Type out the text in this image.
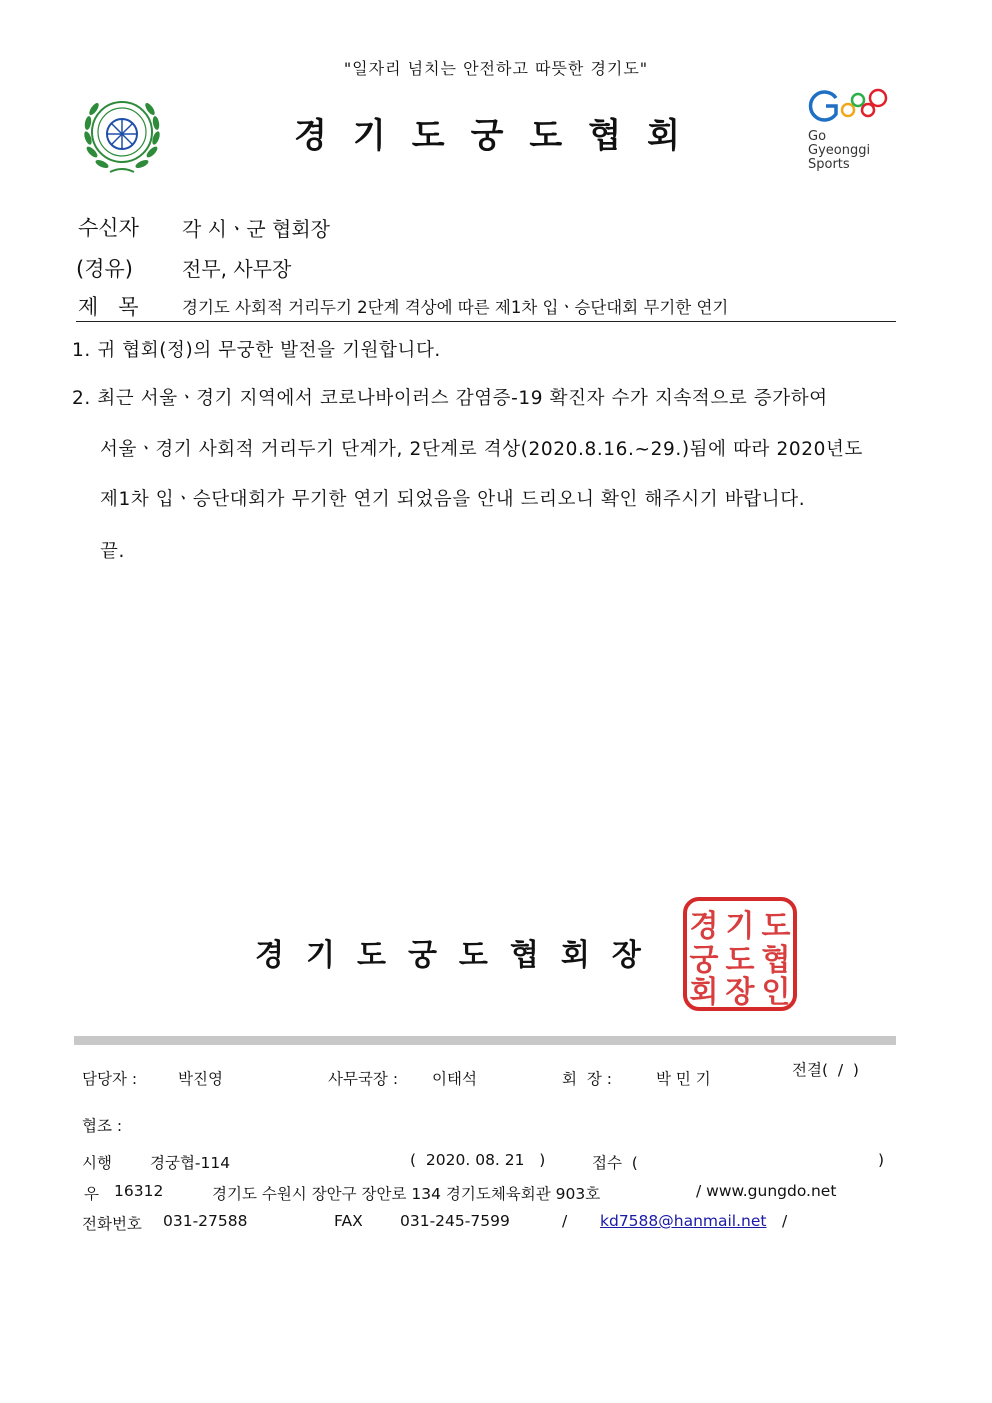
"일자리 넘치는 안전하고 따뜻한 경기도"
경기도궁도협회	Go
Gyeonggi
Sports
수신자 각 시ㆍ군 협회장
(경유) 전무, 사무장
제   목	경기도 사회적 거리두기 2단계 격상에 따른 제1차 입ㆍ승단대회 무기한 연기
1. 귀 협회(정)의 무궁한 발전을 기원합니다.
2. 최근 서울ㆍ경기 지역에서 코로나바이러스 감염증-19 확진자 수가 지속적으로 증가하여
서울ㆍ경기 사회적 거리두기 단계가, 2단계로 격상(2020.8.16.~29.)됨에 따라 2020년도
제1차 입ㆍ승단대회가 무기한 연기 되었음을 안내 드리오니 확인 해주시기 바랍니다.
끝.
경기도궁도협회장
경 기 도
궁 도 협
회 장 인
담당자 :	박진영	사무국장 : 이태석	회  장 :	박 민 기	전결(  /  )
협조 :
시행 경궁협-114	(  2020. 08. 21   )	접수  (	)
우 16312	경기도 수원시 장안구 장안로 134 경기도체육회관 903호	/ www.gungdo.net
전화번호 031-27588	FAX 031-245-7599	/ kd7588@hanmail.net /
